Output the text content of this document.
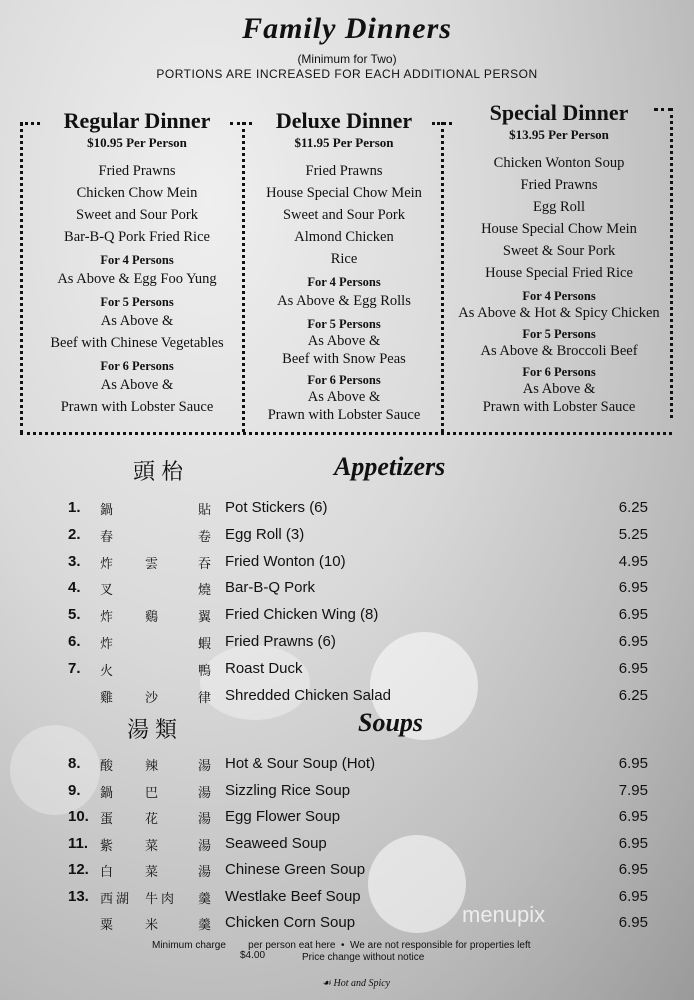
Family Dinners
(Minimum for Two)
PORTIONS ARE INCREASED FOR EACH ADDITIONAL PERSON
Regular Dinner
$10.95 Per Person
Fried Prawns
Chicken Chow Mein
Sweet and Sour Pork
Bar-B-Q Pork Fried Rice
For 4 Persons
As Above & Egg Foo Yung
For 5 Persons
As Above &
Beef with Chinese Vegetables
For 6 Persons
As Above &
Prawn with Lobster Sauce
Deluxe Dinner
$11.95 Per Person
Fried Prawns
House Special Chow Mein
Sweet and Sour Pork
Almond Chicken
Rice
For 4 Persons
As Above & Egg Rolls
For 5 Persons
As Above &
Beef with Snow Peas
For 6 Persons
As Above &
Prawn with Lobster Sauce
Special Dinner
$13.95 Per Person
Chicken Wonton Soup
Fried Prawns
Egg Roll
House Special Chow Mein
Sweet & Sour Pork
House Special Fried Rice
For 4 Persons
As Above & Hot & Spicy Chicken
For 5 Persons
As Above & Broccoli Beef
For 6 Persons
As Above &
Prawn with Lobster Sauce
頭枱	Appetizers
1.	鍋	貼 Pot Stickers (6)	6.25
2.	春	卷 Egg Roll (3)	5.25
3.	炸 雲	吞 Fried Wonton (10)	4.95
4.	叉	燒 Bar-B-Q Pork	6.95
5.	炸 鷄	翼 Fried Chicken Wing (8)	6.95
6.	炸	蝦 Fried Prawns (6)	6.95
7.	火	鴨 Roast Duck	6.95
雞 沙	律 Shredded Chicken Salad	6.25
湯類	Soups
8.	酸 辣	湯 Hot & Sour Soup (Hot)	6.95
9.	鍋 巴	湯 Sizzling Rice Soup	7.95
10. 蛋 花	湯 Egg Flower Soup	6.95
11. 紫 菜	湯 Seaweed Soup	6.95
12. 白 菜	湯 Chinese Green Soup	6.95
13. 西湖 牛肉 羹 Westlake Beef Soup	6.95
粟 米	羹 Chicken Corn Soup	6.95
Minimum charge        per person eat here  •  We are not responsible for properties left
$4.00	Price change without notice
☙ Hot and Spicy
menupix
